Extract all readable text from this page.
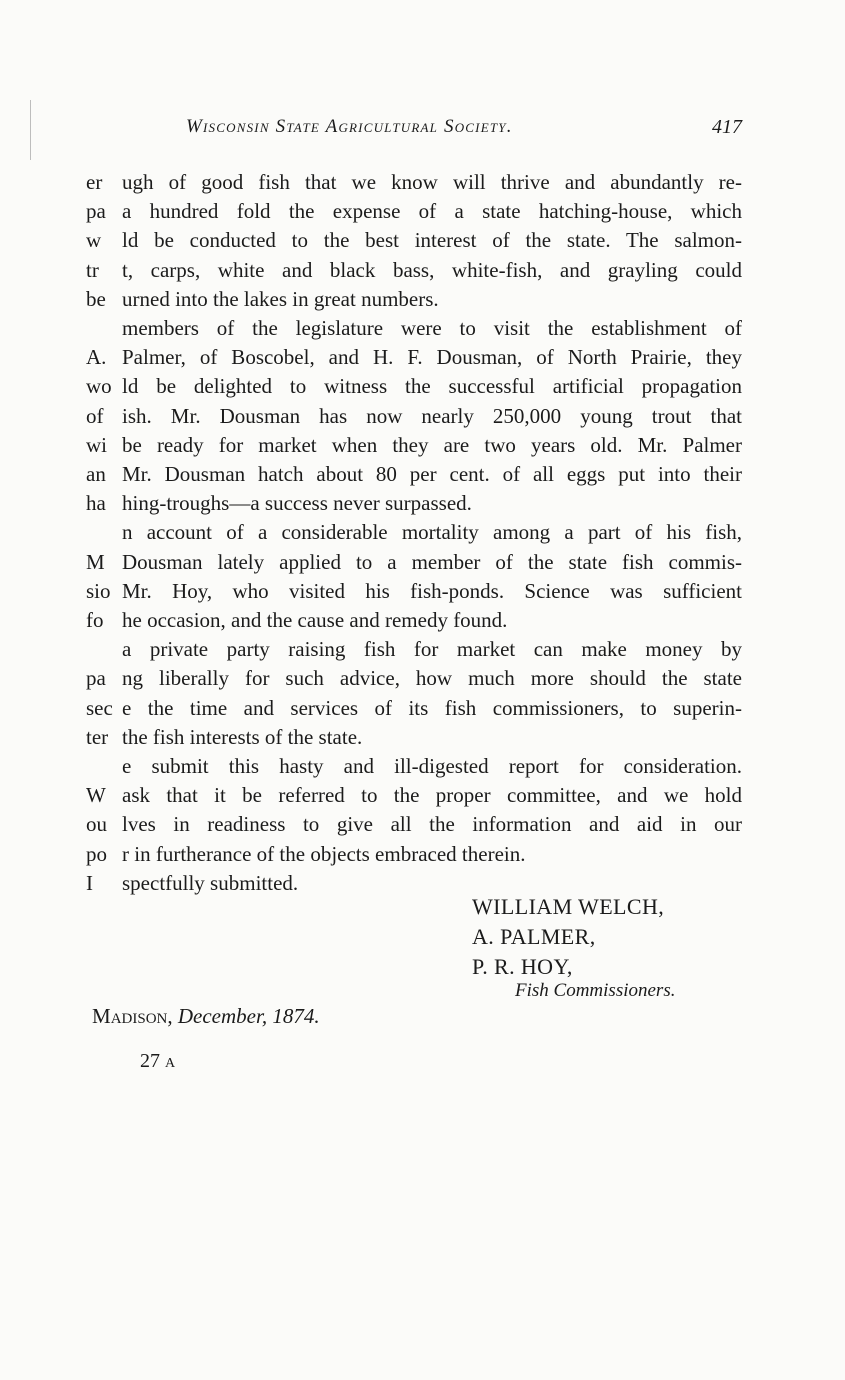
Wisconsin State Agricultural Society.	417
er ugh of good fish that we know will thrive and abundantly re-
pa a hundred fold the expense of a state hatching-house, which
w ld be conducted to the best interest of the state. The salmon-
tr	t, carps, white and black bass, white-fish, and grayling could
be urned into the lakes in great numbers.
members of the legislature were to visit the establishment of
A. Palmer, of Boscobel, and H. F. Dousman, of North Prairie, they
wo ld be delighted to witness the successful artificial propagation
of ish. Mr. Dousman has now nearly 250,000 young trout that
wi be ready for market when they are two years old. Mr. Palmer
an Mr. Dousman hatch about 80 per cent. of all eggs put into their
ha hing-troughs—a success never surpassed.
n account of a considerable mortality among a part of his fish,
M Dousman lately applied to a member of the state fish commis-
sio Mr. Hoy, who visited his fish-ponds. Science was sufficient
fo he occasion, and the cause and remedy found.
a private party raising fish for market can make money by
pa ng liberally for such advice, how much more should the state
sec e the time and services of its fish commissioners, to superin-
ter the fish interests of the state.
e submit this hasty and ill-digested report for consideration.
W ask that it be referred to the proper committee, and we hold
ou lves in readiness to give all the information and aid in our
po r in furtherance of the objects embraced therein.
I	spectfully submitted.
WILLIAM WELCH,
A. PALMER,
P. R. HOY,
Fish Commissioners.
Madison, December, 1874.
27 A
